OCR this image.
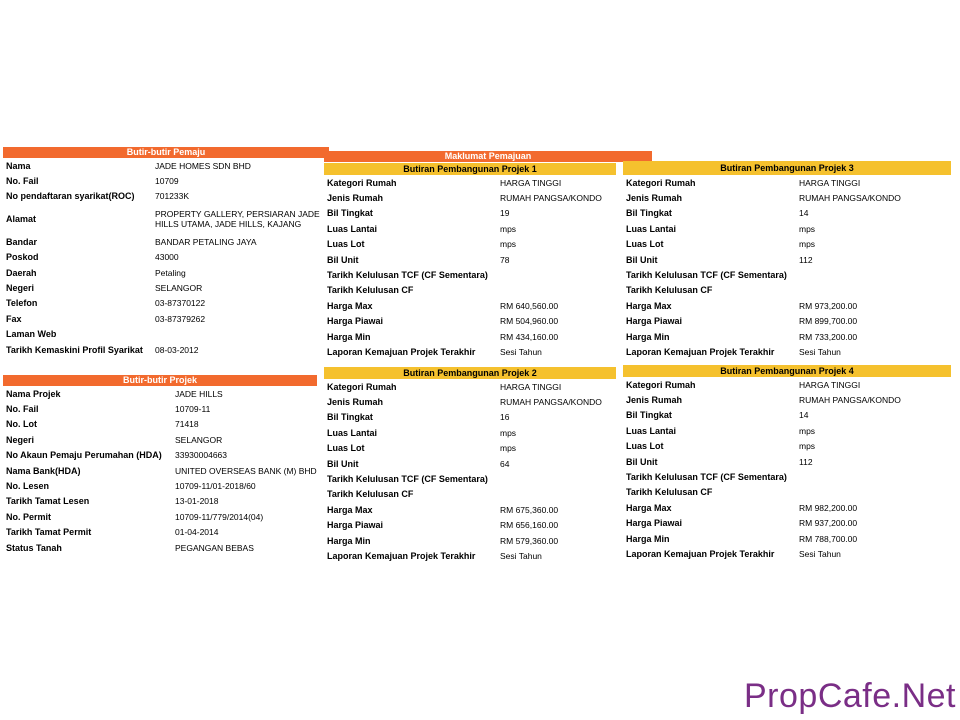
Butir-butir Pemaju
Nama	JADE HOMES SDN BHD
No. Fail	10709
No pendaftaran syarikat(ROC)	701233K
Alamat	PROPERTY GALLERY, PERSIARAN JADE HILLS UTAMA, JADE HILLS, KAJANG
Bandar	BANDAR PETALING JAYA
Poskod	43000
Daerah	Petaling
Negeri	SELANGOR
Telefon	03-87370122
Fax	03-87379262
Laman Web	
Tarikh Kemaskini Profil Syarikat	08-03-2012
Butir-butir Projek
Nama Projek	JADE HILLS
No. Fail	10709-11
No. Lot	71418
Negeri	SELANGOR
No Akaun Pemaju Perumahan (HDA)	33930004663
Nama Bank(HDA)	UNITED OVERSEAS BANK (M) BHD
No. Lesen	10709-11/01-2018/60
Tarikh Tamat Lesen	13-01-2018
No. Permit	10709-11/779/2014(04)
Tarikh Tamat Permit	01-04-2014
Status Tanah	PEGANGAN BEBAS
Maklumat Pemajuan
Butiran Pembangunan Projek 1
Kategori Rumah	HARGA TINGGI
Jenis Rumah	RUMAH PANGSA/KONDO
Bil Tingkat	19
Luas Lantai	mps
Luas Lot	mps
Bil Unit	78
Tarikh Kelulusan TCF (CF Sementara)	
Tarikh Kelulusan CF	
Harga Max	RM 640,560.00
Harga Piawai	RM 504,960.00
Harga Min	RM 434,160.00
Laporan Kemajuan Projek Terakhir	Sesi Tahun
Butiran Pembangunan Projek 2
Kategori Rumah	HARGA TINGGI
Jenis Rumah	RUMAH PANGSA/KONDO
Bil Tingkat	16
Luas Lantai	mps
Luas Lot	mps
Bil Unit	64
Tarikh Kelulusan TCF (CF Sementara)	
Tarikh Kelulusan CF	
Harga Max	RM 675,360.00
Harga Piawai	RM 656,160.00
Harga Min	RM 579,360.00
Laporan Kemajuan Projek Terakhir	Sesi Tahun
Butiran Pembangunan Projek 3
Kategori Rumah	HARGA TINGGI
Jenis Rumah	RUMAH PANGSA/KONDO
Bil Tingkat	14
Luas Lantai	mps
Luas Lot	mps
Bil Unit	112
Tarikh Kelulusan TCF (CF Sementara)	
Tarikh Kelulusan CF	
Harga Max	RM 973,200.00
Harga Piawai	RM 899,700.00
Harga Min	RM 733,200.00
Laporan Kemajuan Projek Terakhir	Sesi Tahun
Butiran Pembangunan Projek 4
Kategori Rumah	HARGA TINGGI
Jenis Rumah	RUMAH PANGSA/KONDO
Bil Tingkat	14
Luas Lantai	mps
Luas Lot	mps
Bil Unit	112
Tarikh Kelulusan TCF (CF Sementara)	
Tarikh Kelulusan CF	
Harga Max	RM 982,200.00
Harga Piawai	RM 937,200.00
Harga Min	RM 788,700.00
Laporan Kemajuan Projek Terakhir	Sesi Tahun
PropCafe.Net
